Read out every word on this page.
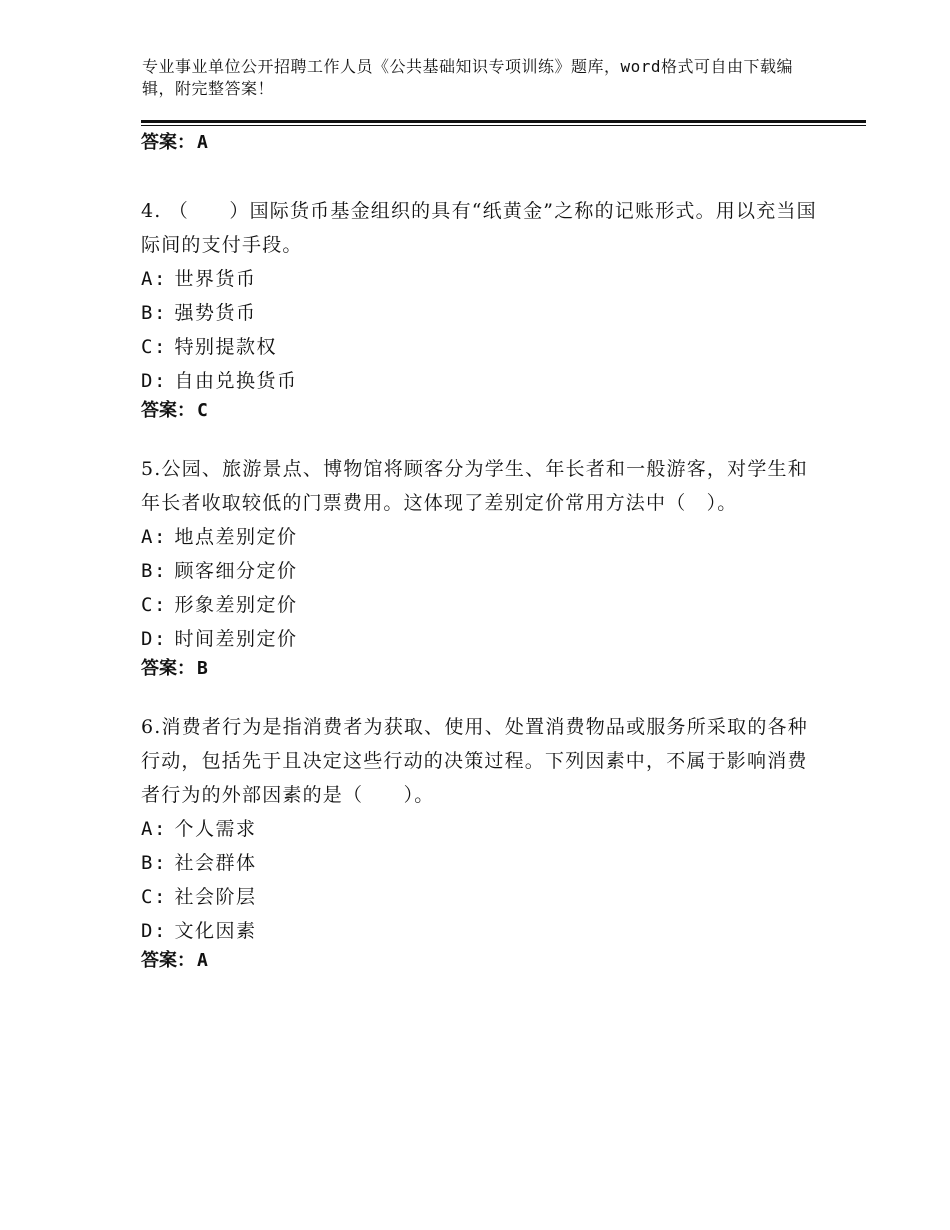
专业事业单位公开招聘工作人员《公共基础知识专项训练》题库，word格式可自由下载编辑，附完整答案！
答案： A

4. （　　）国际货币基金组织的具有“纸黄金”之称的记账形式。用以充当国际间的支付手段。

A: 世界货币
B: 强势货币
C: 特别提款权
D: 自由兑换货币
答案： C

5.公园、旅游景点、博物馆将顾客分为学生、年长者和一般游客，对学生和年长者收取较低的门票费用。这体现了差别定价常用方法中（　）。

A: 地点差别定价
B: 顾客细分定价
C: 形象差别定价
D: 时间差别定价
答案： B

6.消费者行为是指消费者为获取、使用、处置消费物品或服务所采取的各种行动，包括先于且决定这些行动的决策过程。下列因素中，不属于影响消费者行为的外部因素的是（　　）。

A: 个人需求
B: 社会群体
C: 社会阶层
D: 文化因素
答案： A
